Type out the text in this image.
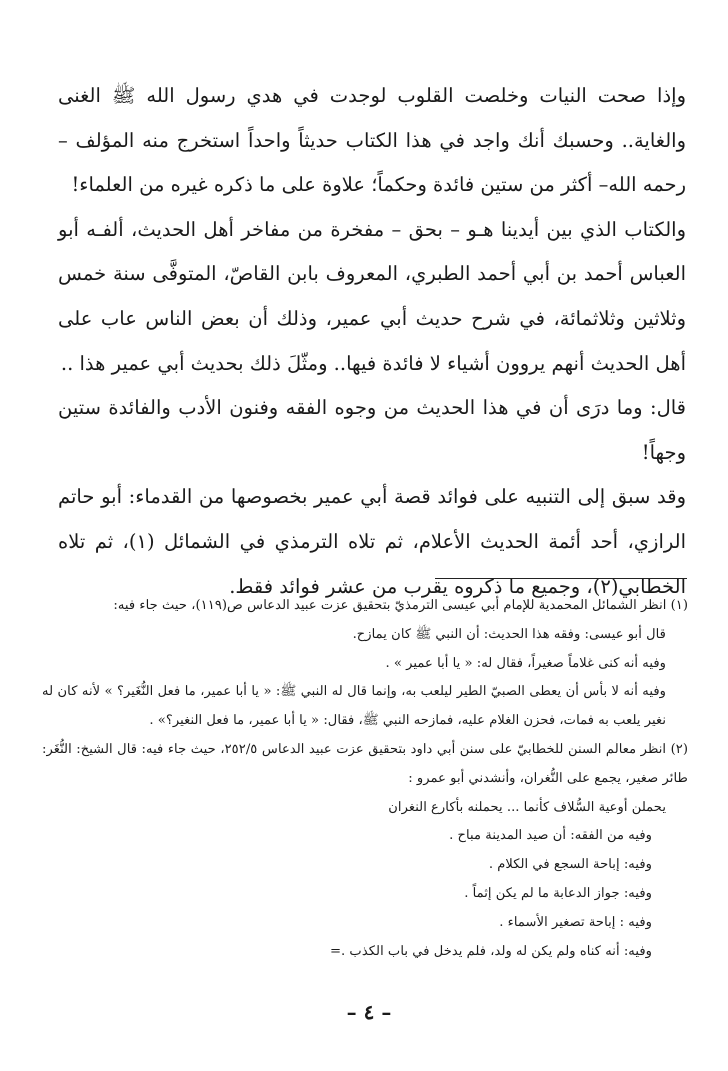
وإذا صحت النيات وخلصت القلوب لوجدت في هدي رسول الله ﷺ الغنى والغاية.. وحسبك أنك واجد في هذا الكتاب حديثاً واحداً استخرج منه المؤلف – رحمه الله– أكثر من ستين فائدة وحكماً؛ علاوة على ما ذكره غيره من العلماء!

والكتاب الذي بين أيدينا هـو – بحق – مفخرة من مفاخر أهل الحديث، ألفـه أبو العباس أحمد بن أبي أحمد الطبري، المعروف بابن القاصّ، المتوفَّى سنة خمس وثلاثين وثلاثمائة، في شرح حديث أبي عمير، وذلك أن بعض الناس عاب على أهل الحديث أنهم يروون أشياء لا فائدة فيها.. ومثّلَ ذلك بحديث أبي عمير هذا ..

قال: وما درَى أن في هذا الحديث من وجوه الفقه وفنون الأدب والفائدة ستين وجهاً!

وقد سبق إلى التنبيه على فوائد قصة أبي عمير بخصوصها من القدماء: أبو حاتم الرازي، أحد أئمة الحديث الأعلام، ثم تلاه الترمذي في الشمائل (١)، ثم تلاه الخطابي(٢)، وجميع ما ذكروه يقرب من عشر فوائد فقط.

(١) انظر الشمائل المحمدية للإمام أبي عيسى الترمذيّ بتحقيق عزت عبيد الدعاس ص(١١٩)، حيث جاء فيه:

قال أبو عيسى: وفقه هذا الحديث: أن النبي ﷺ كان يمازح.

وفيه أنه كنى غلاماً صغيراً، فقال له: « يا أبا عمير » .

وفيه أنه لا بأس أن يعطى الصبيّ الطير ليلعب به، وإنما قال له النبي ﷺ: « يا أبا عمير، ما فعل النُّغَير؟ » لأنه كان له نغير يلعب به فمات، فحزن الغلام عليه، فمازحه النبي ﷺ، فقال: « يا أبا عمير، ما فعل النغير؟» .

(٢) انظر معالم السنن للخطابيّ على سنن أبي داود بتحقيق عزت عبيد الدعاس ٢٥٢/٥، حيث جاء فيه: قال الشيخ: النُّغَر: طائر صغير، يجمع على النُّغران، وأنشدني أبو عمرو :

يحملن أوعية السُّلاف كأنما ... يحملنه بأكارع النغران

وفيه من الفقه: أن صيد المدينة مباح .

وفيه: إباحة السجع في الكلام .

وفيه: جواز الدعابة ما لم يكن إثماً .

وفيه : إباحة تصغير الأسماء .

وفيه: أنه كناه ولم يكن له ولد، فلم يدخل في باب الكذب .=

– ٤ –
